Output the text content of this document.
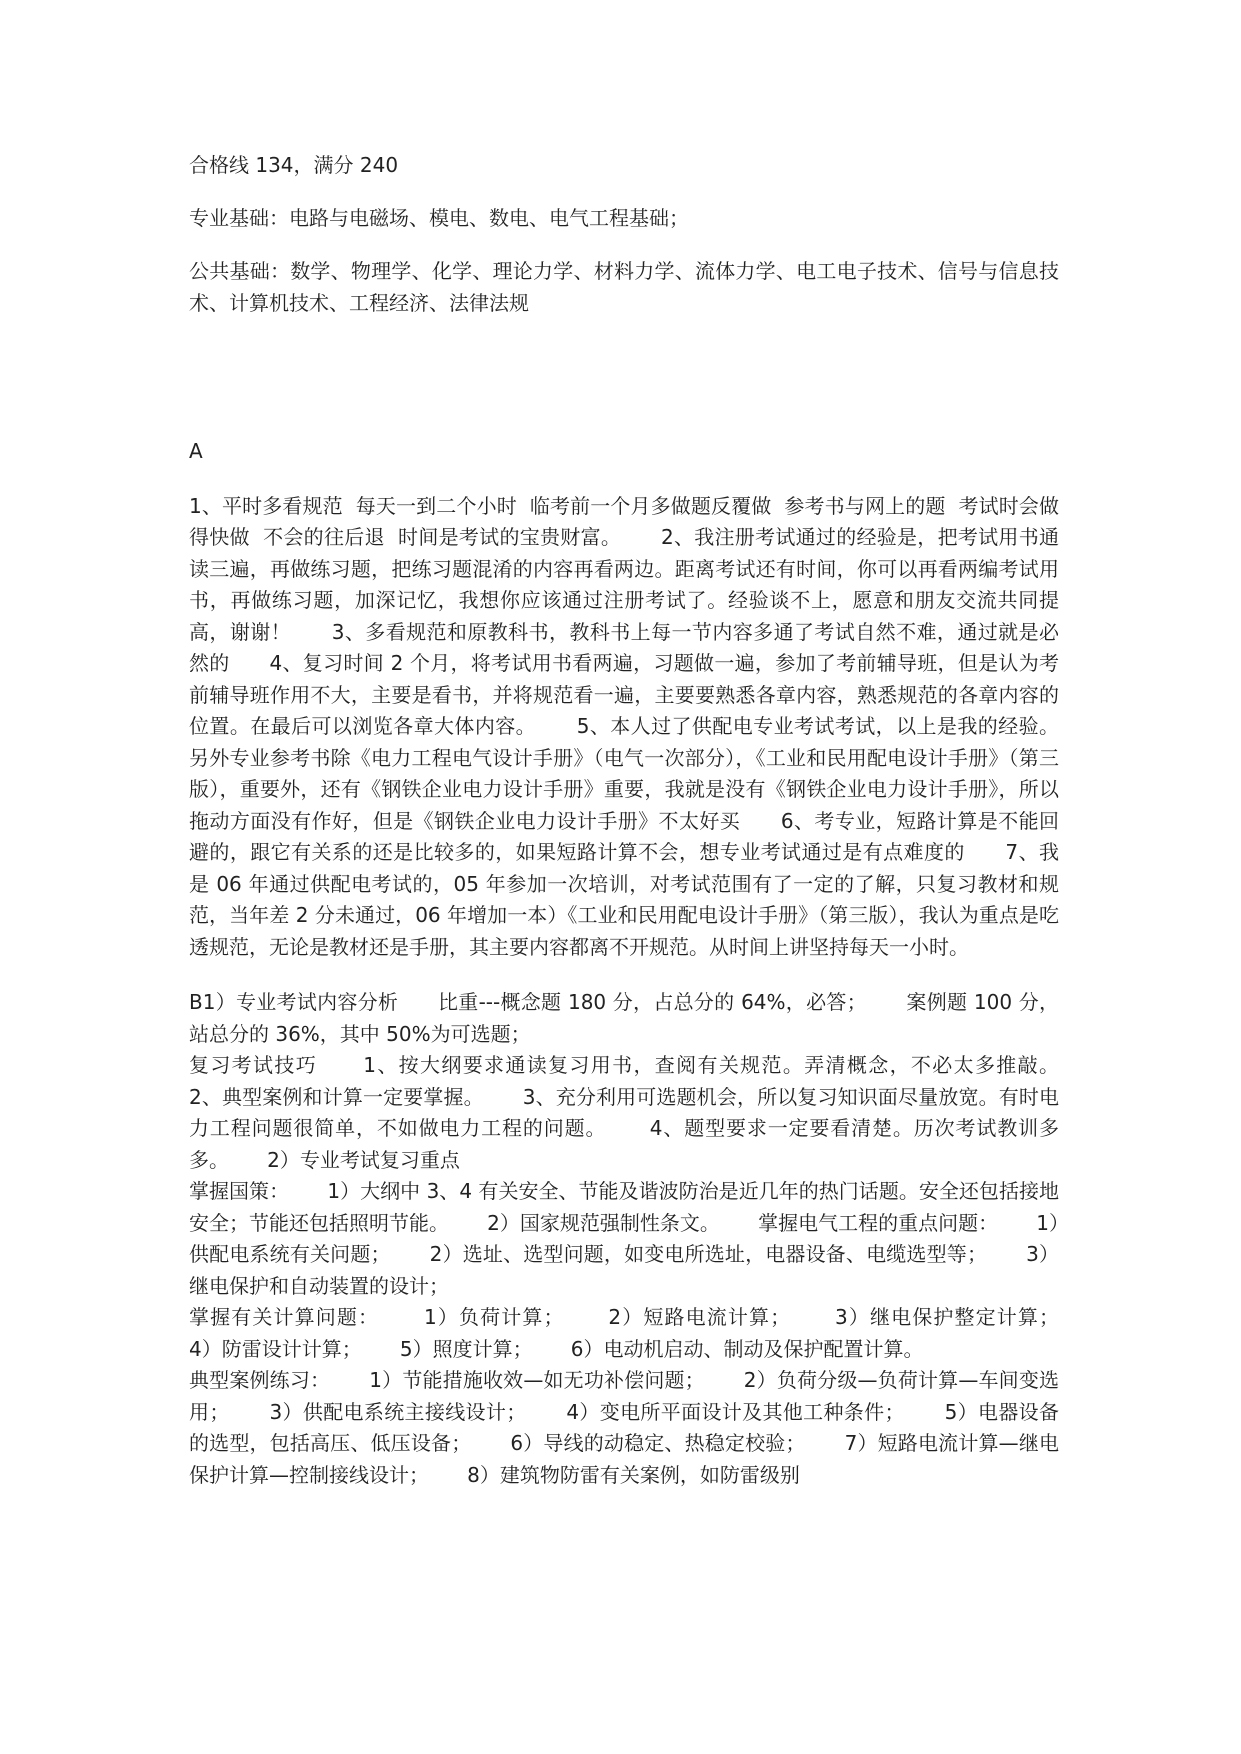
合格线 134，满分 240

专业基础：电路与电磁场、模电、数电、电气工程基础；

公共基础：数学、物理学、化学、理论力学、材料力学、流体力学、电工电子技术、信号与信息技术、计算机技术、工程经济、法律法规

A

1、平时多看规范  每天一到二个小时  临考前一个月多做题反覆做  参考书与网上的题  考试时会做得快做  不会的往后退  时间是考试的宝贵财富。      2、我注册考试通过的经验是，把考试用书通读三遍，再做练习题，把练习题混淆的内容再看两边。距离考试还有时间，你可以再看两编考试用书，再做练习题，加深记忆，我想你应该通过注册考试了。经验谈不上，愿意和朋友交流共同提高，谢谢！      3、多看规范和原教科书，教科书上每一节内容多通了考试自然不难，通过就是必然的      4、复习时间 2 个月，将考试用书看两遍，习题做一遍，参加了考前辅导班，但是认为考前辅导班作用不大，主要是看书，并将规范看一遍，主要要熟悉各章内容，熟悉规范的各章内容的位置。在最后可以浏览各章大体内容。      5、本人过了供配电专业考试考试，以上是我的经验。另外专业参考书除《电力工程电气设计手册》（电气一次部分），《工业和民用配电设计手册》（第三版），重要外，还有《钢铁企业电力设计手册》重要，我就是没有《钢铁企业电力设计手册》，所以拖动方面没有作好，但是《钢铁企业电力设计手册》不太好买      6、考专业，短路计算是不能回避的，跟它有关系的还是比较多的，如果短路计算不会，想专业考试通过是有点难度的      7、我是 06 年通过供配电考试的，05 年参加一次培训，对考试范围有了一定的了解，只复习教材和规范，当年差 2 分未通过，06 年增加一本）《工业和民用配电设计手册》（第三版），我认为重点是吃透规范，无论是教材还是手册，其主要内容都离不开规范。从时间上讲坚持每天一小时。

B1）专业考试内容分析      比重---概念题 180 分，占总分的 64%，必答；      案例题 100 分，站总分的 36%，其中 50%为可选题；

复习考试技巧      1、按大纲要求通读复习用书，查阅有关规范。弄清概念，不必太多推敲。      2、典型案例和计算一定要掌握。      3、充分利用可选题机会，所以复习知识面尽量放宽。有时电力工程问题很简单，不如做电力工程的问题。      4、题型要求一定要看清楚。历次考试教训多多。      2）专业考试复习重点

掌握国策：      1）大纲中 3、4 有关安全、节能及谐波防治是近几年的热门话题。安全还包括接地安全；节能还包括照明节能。      2）国家规范强制性条文。      掌握电气工程的重点问题：      1）供配电系统有关问题；      2）选址、选型问题，如变电所选址，电器设备、电缆选型等；      3）继电保护和自动装置的设计；

掌握有关计算问题：      1）负荷计算；      2）短路电流计算；      3）继电保护整定计算；      4）防雷设计计算；      5）照度计算；      6）电动机启动、制动及保护配置计算。

典型案例练习：      1）节能措施收效—如无功补偿问题；      2）负荷分级—负荷计算—车间变选用；      3）供配电系统主接线设计；      4）变电所平面设计及其他工种条件；      5）电器设备的选型，包括高压、低压设备；      6）导线的动稳定、热稳定校验；      7）短路电流计算—继电保护计算—控制接线设计；      8）建筑物防雷有关案例，如防雷级别
